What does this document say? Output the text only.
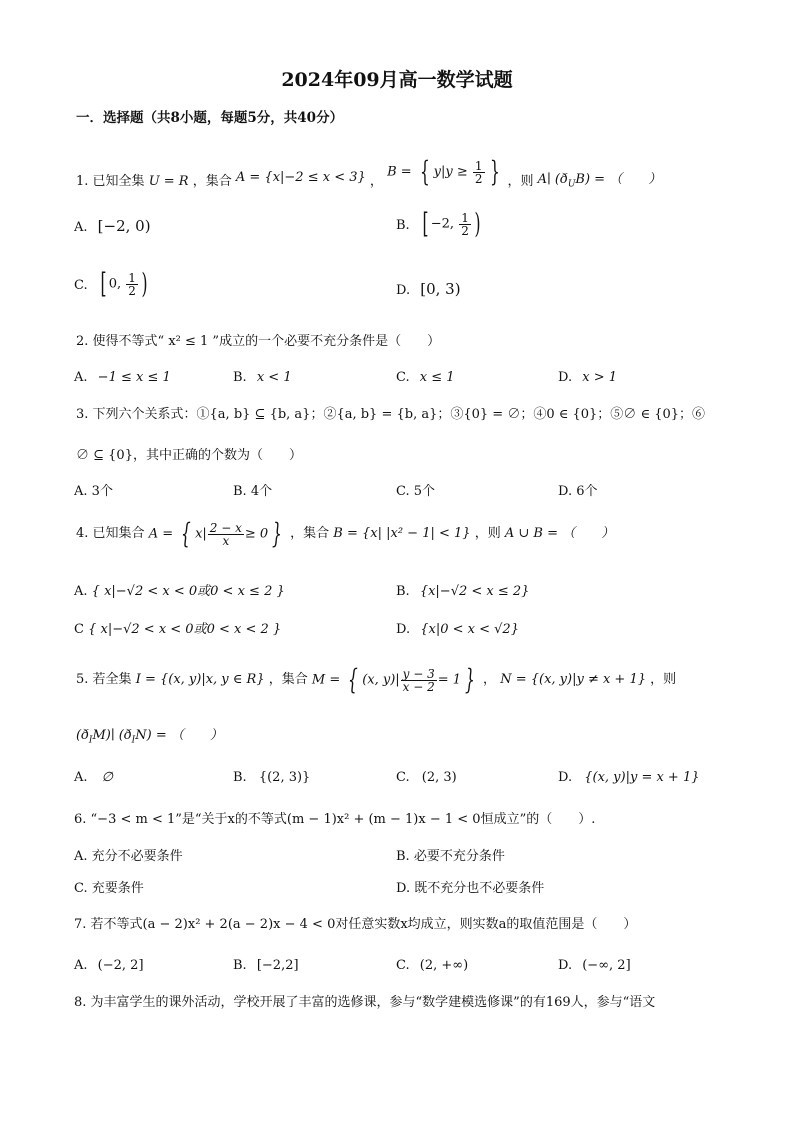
2024年09月高一数学试题
一．选择题（共8小题，每题5分，共40分）
1. 已知全集 U = R ，集合 A = {x|−2 ≤ x < 3} ， B = { $y|y \ge \frac{1}{2}$ } ，则 A∣ $(ð_UB)$ = （　　）
A. [−2, 0)	B. [ −2, $\frac{1}{2}$ )
C. [ 0, $\frac{1}{2}$ )	D. [0, 3)
2. 使得不等式“ x² ≤ 1 ”成立的一个必要不充分条件是（　　）
A. −1 ≤ x ≤ 1	B. x < 1	C. x ≤ 1	D. x > 1
3. 下列六个关系式：①{a, b} ⊆ {b, a}；②{a, b} = {b, a}；③{0} = ∅；④0 ∈ {0}；⑤∅ ∈ {0}；⑥
∅ ⊆ {0}，其中正确的个数为（　　）
A. 3个	B. 4个	C. 5个	D. 6个
4. 已知集合 A = { $x| \frac{2 - x}{x} \ge 0$ } ，集合 B = {x| |x² − 1| < 1} ，则 A ∪ B = （　　）
A. { x|−√2 < x < 0或0 < x ≤ 2 }	B. {x|−√2 < x ≤ 2}
C { x|−√2 < x < 0或0 < x < 2 }	D. {x|0 < x < √2}
5. 若全集 I = {(x, y)|x, y ∈ R} ，集合 M = { (x, $y)| \frac{y - 3}{x - 2} = 1$ } ， N = {(x, y)|y ≠ x + 1} ，则
$(ð_IM)∣$ $(ð_IN)$ = （　　）
A. ∅	B. {(2, 3)}	C. (2, 3)	D. {(x, y)|y = x + 1}
6. “−3 < m < 1”是“关于x的不等式(m − 1)x² + (m − 1)x − 1 < 0恒成立”的（　　）.
A. 充分不必要条件	B. 必要不充分条件
C. 充要条件	D. 既不充分也不必要条件
7. 若不等式(a − 2)x² + 2(a − 2)x − 4 < 0对任意实数x均成立，则实数a的取值范围是（　　）
A. (−2, 2]	B. [−2,2]	C. (2, +∞)	D. (−∞, 2]
8. 为丰富学生的课外活动，学校开展了丰富的选修课，参与“数学建模选修课”的有169人，参与“语文
